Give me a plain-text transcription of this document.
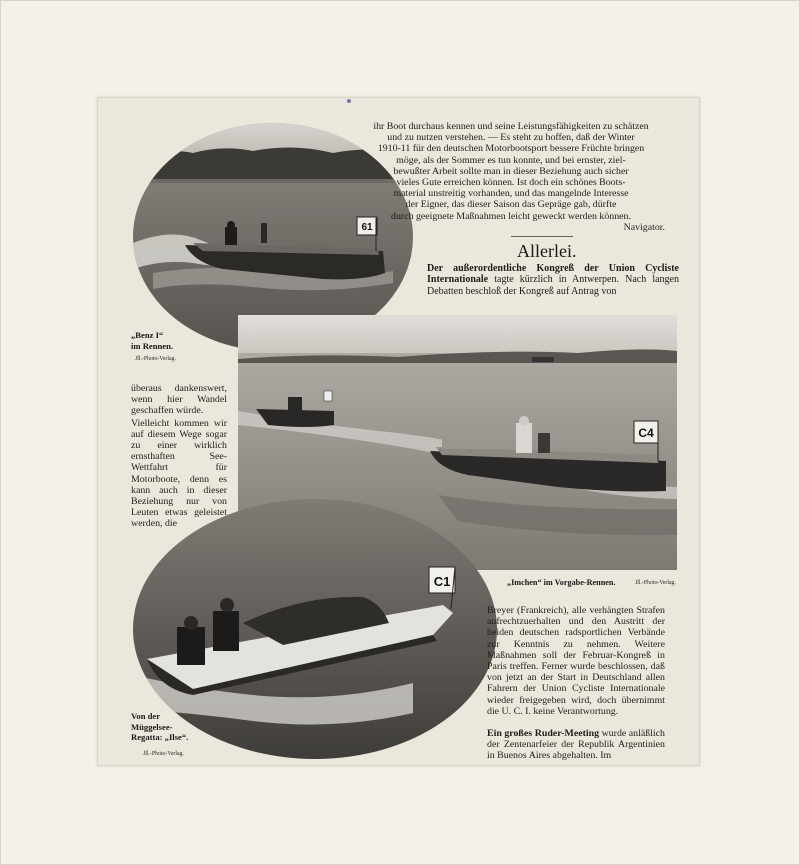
61
ihr Boot durchaus kennen und seine Leistungsfähigkeiten zu schätzen
und zu nutzen verstehen. — Es steht zu hoffen, daß der Winter
1910-11 für den deutschen Motorbootsport bessere Früchte bringen
möge, als der Sommer es tun konnte, und bei ernster, ziel-
bewußter Arbeit sollte man in dieser Beziehung auch sicher
vieles Gute erreichen können. Ist doch ein schönes Boots-
material unstreitig vorhanden, und das mangelnde Interesse
der Eigner, das dieser Saison das Gepräge gab, dürfte
durch geeignete Maßnahmen leicht geweckt werden können.
Navigator.
Allerlei.

Der außerordentliche Kongreß der Union Cycliste Internationale tagte kürzlich in Antwerpen. Nach langen Debatten beschloß der Kongreß auf Antrag von

„Benz I“
im Rennen.
Jll.-Photo-Verlag.
C4

überaus dankenswert, wenn hier Wandel geschaffen würde.

Vielleicht kommen wir auf diesem Wege sogar zu einer wirklich ernsthaften See-Wettfahrt für Motorboote, denn es kann auch in dieser Beziehung nur von Leuten etwas geleistet werden, die

C1	„Imchen“ im Vorgabe-Rennen.	Jll.-Photo-Verlag.

Breyer (Frankreich), alle verhängten Strafen aufrechtzuerhalten und den Austritt der beiden deutschen radsportlichen Verbände zur Kenntnis zu nehmen. Weitere Maßnahmen soll der Februar-Kongreß in Paris treffen. Ferner wurde beschlossen, daß von jetzt an der Start in Deutschland allen Fahrern der Union Cycliste Internationale wieder freigegeben wird, doch übernimmt die U. C. I. keine Verantwortung.

Ein großes Ruder-Meeting wurde anläßlich der Zentenarfeier der Republik Argentinien in Buenos Aires abgehalten. Im

Von der
Müggelsee-
Regatta: „Ilse“.
Jll.-Photo-Verlag.
